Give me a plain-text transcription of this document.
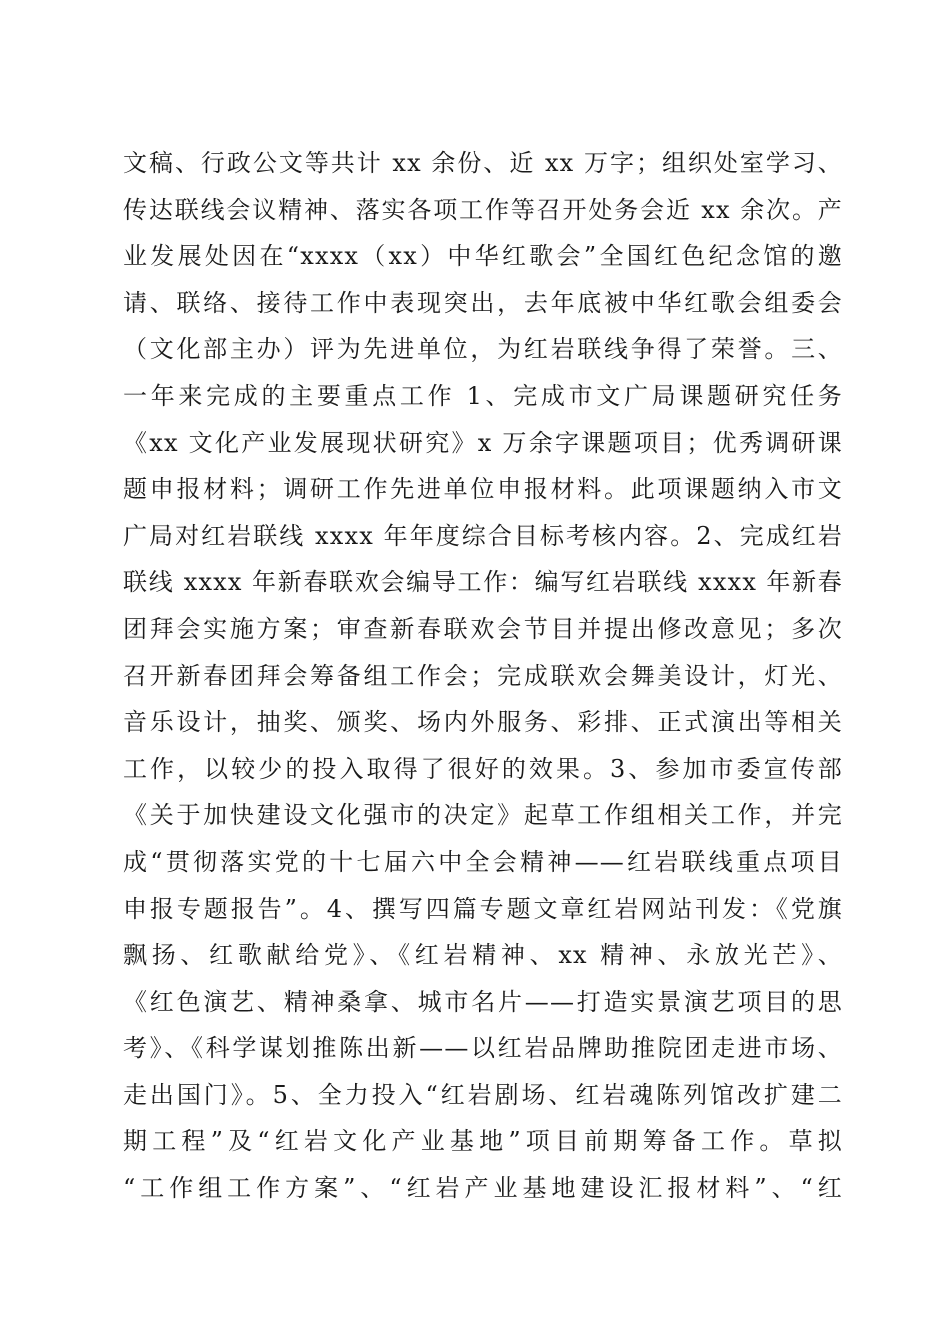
文稿、行政公文等共计 xx 余份、近 xx 万字；组织处室学习、
传达联线会议精神、落实各项工作等召开处务会近 xx 余次。产
业发展处因在“xxxx（xx）中华红歌会”全国红色纪念馆的邀
请、联络、接待工作中表现突出，去年底被中华红歌会组委会
（文化部主办）评为先进单位，为红岩联线争得了荣誉。三、
一年来完成的主要重点工作 1、完成市文广局课题研究任务
《xx 文化产业发展现状研究》x 万余字课题项目；优秀调研课
题申报材料；调研工作先进单位申报材料。此项课题纳入市文
广局对红岩联线 xxxx 年年度综合目标考核内容。2、完成红岩
联线 xxxx 年新春联欢会编导工作：编写红岩联线 xxxx 年新春
团拜会实施方案；审查新春联欢会节目并提出修改意见；多次
召开新春团拜会筹备组工作会；完成联欢会舞美设计，灯光、
音乐设计，抽奖、颁奖、场内外服务、彩排、正式演出等相关
工作，以较少的投入取得了很好的效果。3、参加市委宣传部
《关于加快建设文化强市的决定》起草工作组相关工作，并完
成“贯彻落实党的十七届六中全会精神——红岩联线重点项目
申报专题报告”。4、撰写四篇专题文章红岩网站刊发：《党旗
飘扬、红歌献给党》、《红岩精神、xx 精神、永放光芒》、
《红色演艺、精神桑拿、城市名片——打造实景演艺项目的思
考》、《科学谋划推陈出新——以红岩品牌助推院团走进市场、
走出国门》。5、全力投入“红岩剧场、红岩魂陈列馆改扩建二
期工程”及“红岩文化产业基地”项目前期筹备工作。草拟
“工作组工作方案”、“红岩产业基地建设汇报材料”、“红
